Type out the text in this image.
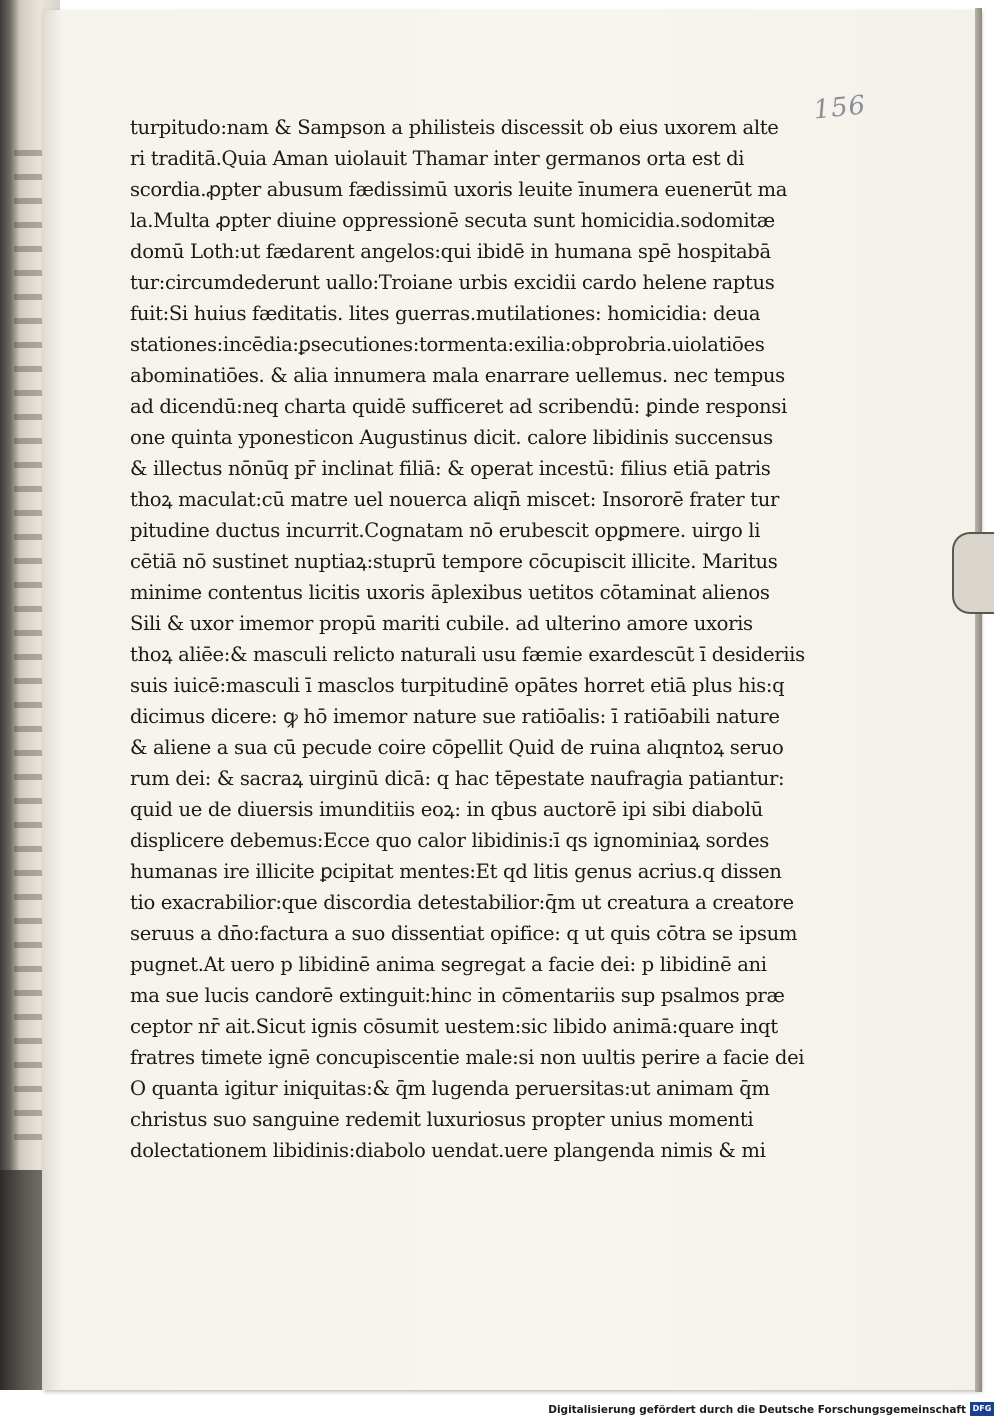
156
turpitudo:nam & Sampson a philisteis discessit ob eius uxorem alte
ri traditā.Quia Aman uiolauit Thamar inter germanos orta est di
scordia.ꝓpter abusum fædissimū uxoris leuite īnumera euenerūt ma
la.Multa ꝓpter diuine oppressionē secuta sunt homicidia.sodomitæ
domū Loth:ut fædarent angelos:qui ibidē in humana spē hospitabā
tur:circumdederunt uallo:Troiane urbis excidii cardo helene raptus
fuit:Si huius fæditatis. lites guerras.mutilationes: homicidia: deua
stationes:incēdia:ꝑsecutiones:tormenta:exilia:obprobria.uiolatiōes
abominatiōes. & alia innumera mala enarrare uellemus. nec tempus
ad dicendū:neq charta quidē sufficeret ad scribendū: ꝑinde responsi
one quinta yponesticon Augustinus dicit. calore libidinis succensus
& illectus nōnūq pr̄ inclinat filiā: & operat incestū: filius etiā patris
thoꝝ maculat:cū matre uel nouerca aliqn̄ miscet: Insororē frater tur
pitudine ductus incurrit.Cognatam nō erubescit opꝑmere. uirgo li
cētiā nō sustinet nuptiaꝝ:stuprū tempore cōcupiscit illicite. Maritus
minime contentus licitis uxoris āplexibus uetitos cōtaminat alienos
Sili & uxor imemor propū mariti cubile. ad ulterino amore uxoris
thoꝝ aliēe:& masculi relicto naturali usu fæmie exardescūt ī desideriis
suis iuicē:masculi ī masclos turpitudinē opātes horret etiā plus his:q
dicimus dicere: ꝙ hō imemor nature sue ratiōalis: ī ratiōabili nature
& aliene a sua cū pecude coire cōpellit Quid de ruina alıqntoꝝ seruo
rum dei: & sacraꝝ uirginū dicā: q hac tēpestate naufragia patiantur:
quid ue de diuersis imunditiis eoꝝ: in qbus auctorē ipi sibi diabolū
displicere debemus:Ecce quo calor libidinis:ī qs ignominiaꝝ sordes
humanas ire illicite ꝑcipitat mentes:Et qd litis genus acrius.q dissen
tio exacrabilior:que discordia detestabilior:q̄m ut creatura a creatore
seruus a dn̄o:factura a suo dissentiat opifice: q ut quis cōtra se ipsum
pugnet.At uero p libidinē anima segregat a facie dei: p libidinē ani
ma sue lucis candorē extinguit:hinc in cōmentariis sup psalmos præ
ceptor nr̄ ait.Sicut ignis cōsumit uestem:sic libido animā:quare inqt
fratres timete ignē concupiscentie male:si non uultis perire a facie dei
O quanta igitur iniquitas:& q̄m lugenda peruersitas:ut animam q̄m
christus suo sanguine redemit luxuriosus propter unius momenti
dolectationem libidinis:diabolo uendat.uere plangenda nimis & mi
Digitalisierung gefördert durch die Deutsche Forschungsgemeinschaft DFG
